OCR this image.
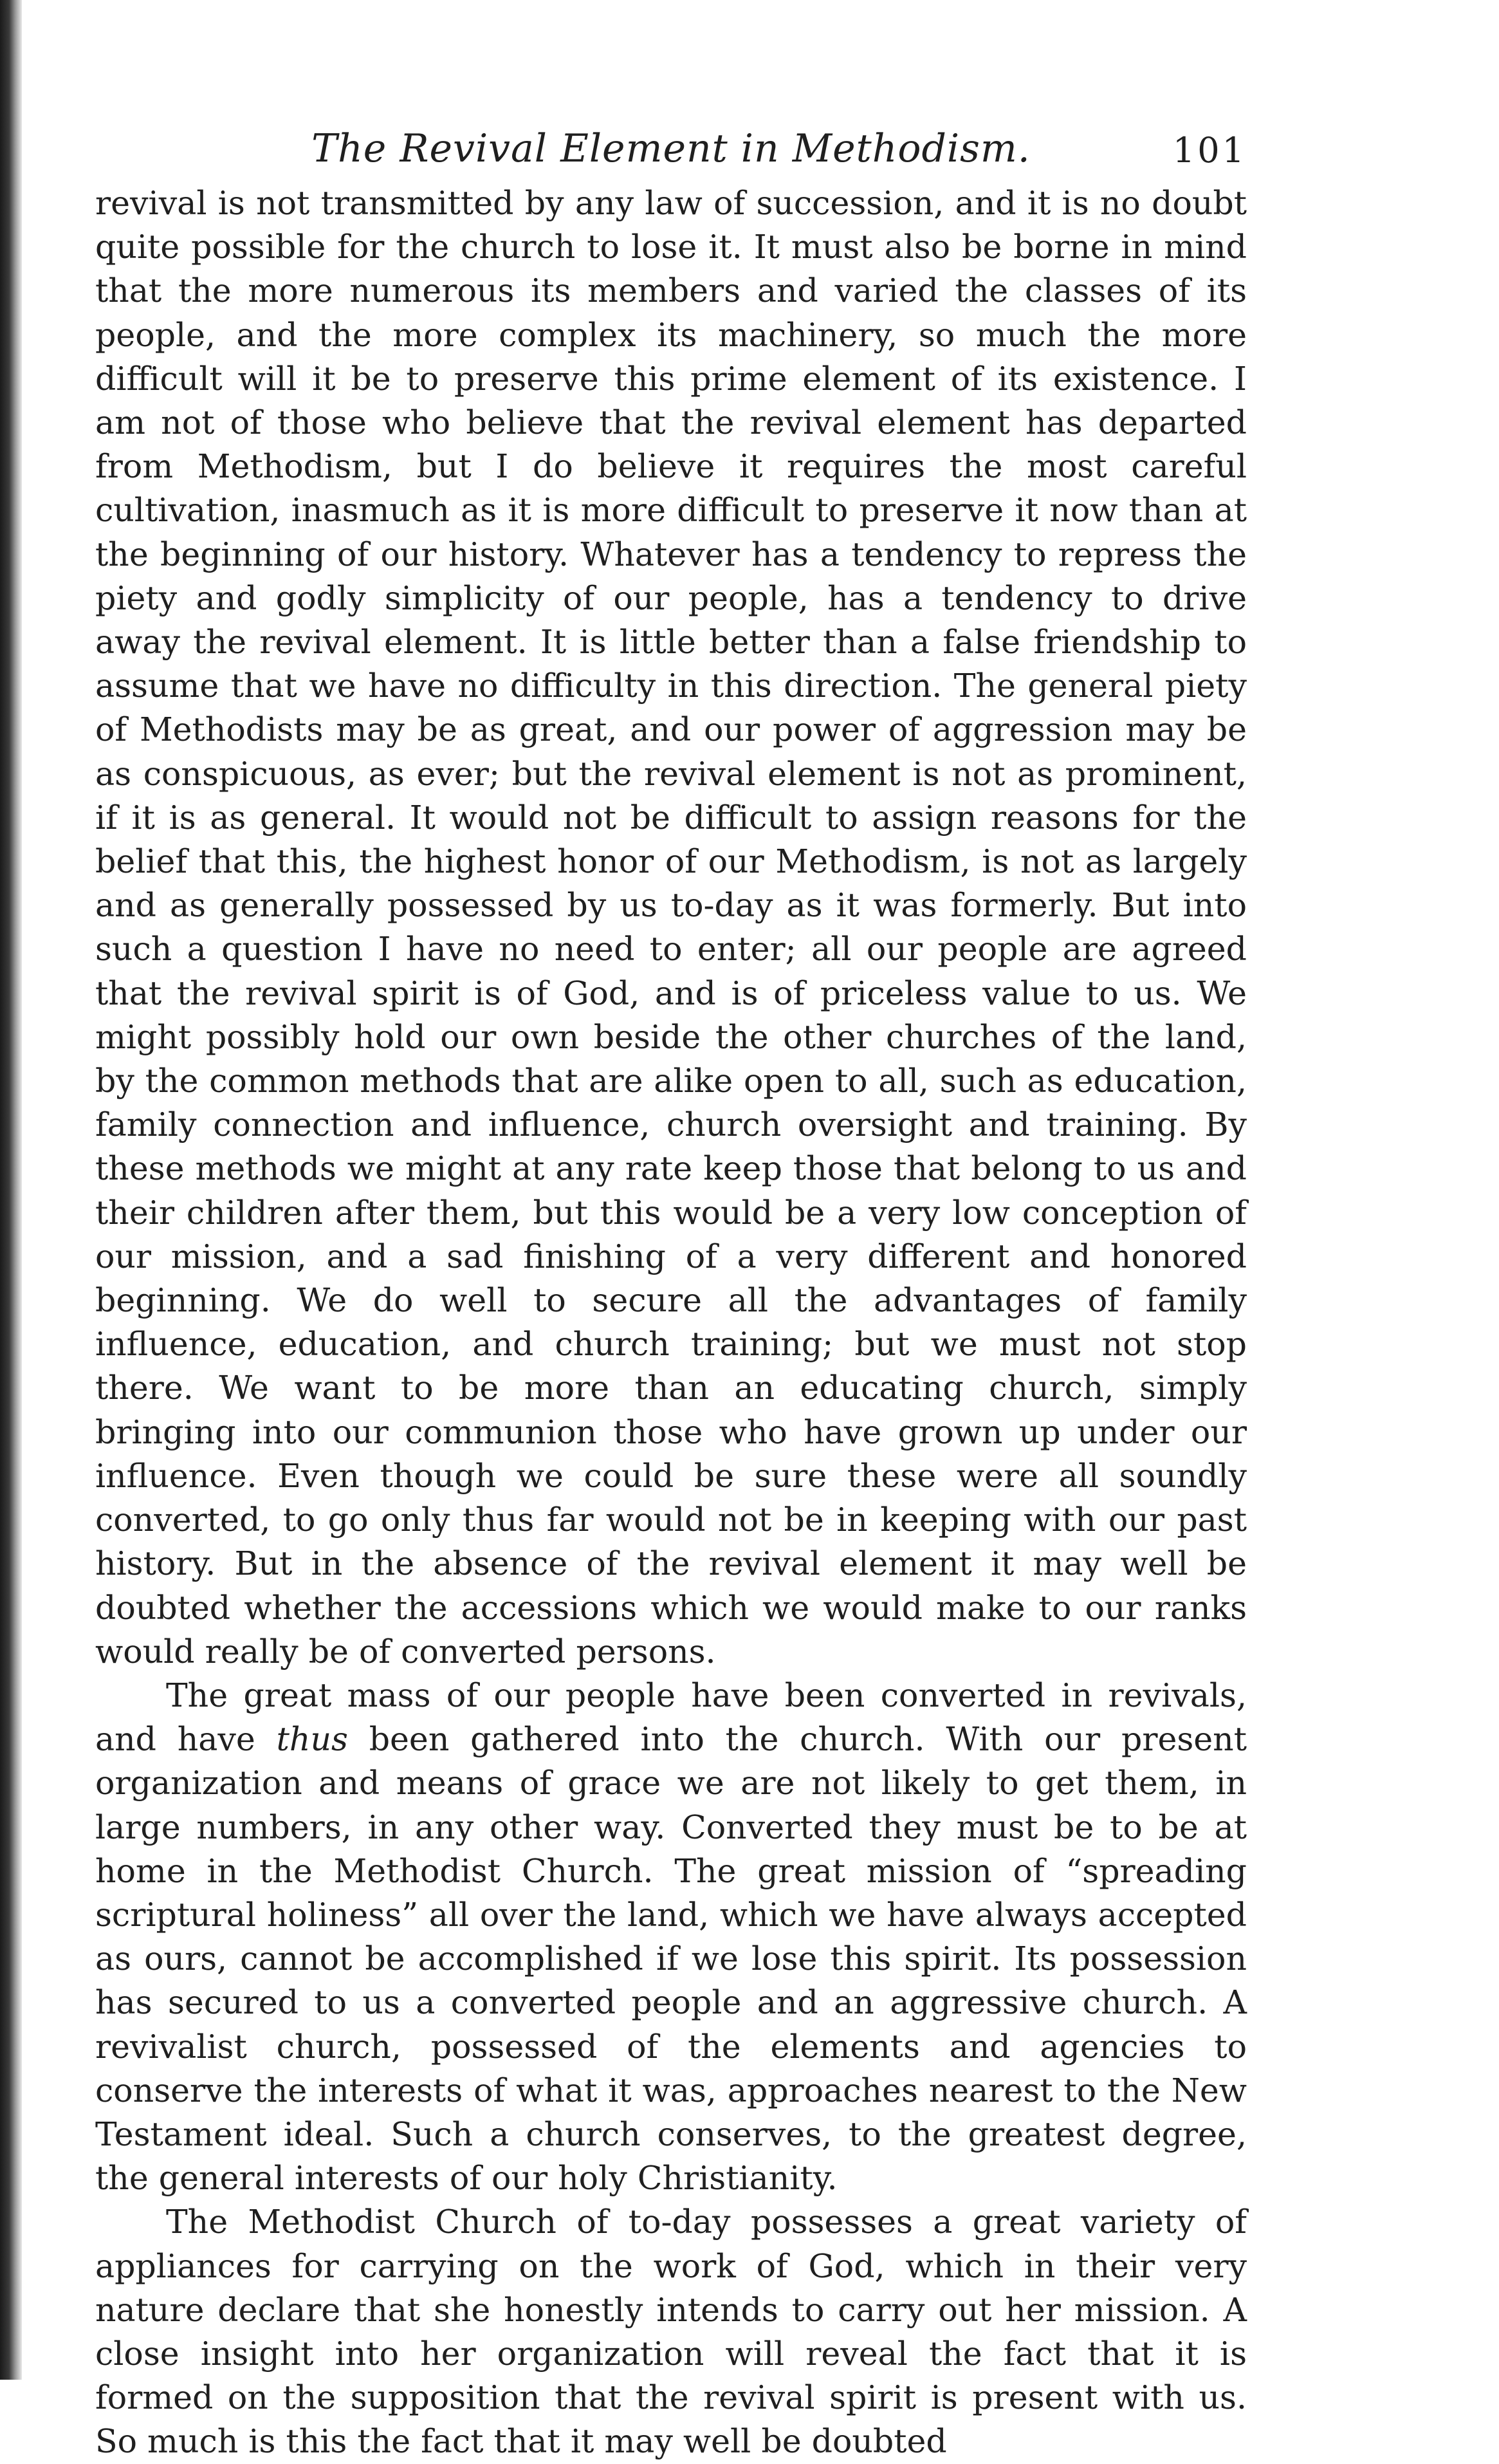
The Revival Element in Methodism.	101

revival is not transmitted by any law of succession, and it is no doubt quite possible for the church to lose it. It must also be borne in mind that the more numerous its members and varied the classes of its people, and the more complex its machinery, so much the more difficult will it be to preserve this prime element of its existence. I am not of those who believe that the revival element has departed from Methodism, but I do believe it requires the most careful cultivation, inasmuch as it is more difficult to preserve it now than at the beginning of our history. Whatever has a tendency to repress the piety and godly simplicity of our people, has a tendency to drive away the revival element. It is little better than a false friendship to assume that we have no difficulty in this direction. The general piety of Methodists may be as great, and our power of aggression may be as conspicuous, as ever; but the revival element is not as prominent, if it is as general. It would not be difficult to assign reasons for the belief that this, the highest honor of our Methodism, is not as largely and as generally possessed by us to-day as it was formerly. But into such a question I have no need to enter; all our people are agreed that the revival spirit is of God, and is of priceless value to us. We might possibly hold our own beside the other churches of the land, by the common methods that are alike open to all, such as education, family connection and influence, church oversight and training. By these methods we might at any rate keep those that belong to us and their children after them, but this would be a very low conception of our mission, and a sad finishing of a very different and honored beginning. We do well to secure all the advantages of family influence, education, and church training; but we must not stop there. We want to be more than an educating church, simply bringing into our communion those who have grown up under our influence. Even though we could be sure these were all soundly converted, to go only thus far would not be in keeping with our past history. But in the absence of the revival element it may well be doubted whether the accessions which we would make to our ranks would really be of converted persons.

The great mass of our people have been converted in revivals, and have thus been gathered into the church. With our present organization and means of grace we are not likely to get them, in large numbers, in any other way. Converted they must be to be at home in the Methodist Church. The great mission of “spreading scriptural holiness” all over the land, which we have always accepted as ours, cannot be accomplished if we lose this spirit. Its possession has secured to us a converted people and an aggressive church. A revivalist church, possessed of the elements and agencies to conserve the interests of what it was, approaches nearest to the New Testament ideal. Such a church conserves, to the greatest degree, the general interests of our holy Christianity.

The Methodist Church of to-day possesses a great variety of appliances for carrying on the work of God, which in their very nature declare that she honestly intends to carry out her mission. A close insight into her organization will reveal the fact that it is formed on the supposition that the revival spirit is present with us. So much is this the fact that it may well be doubted
